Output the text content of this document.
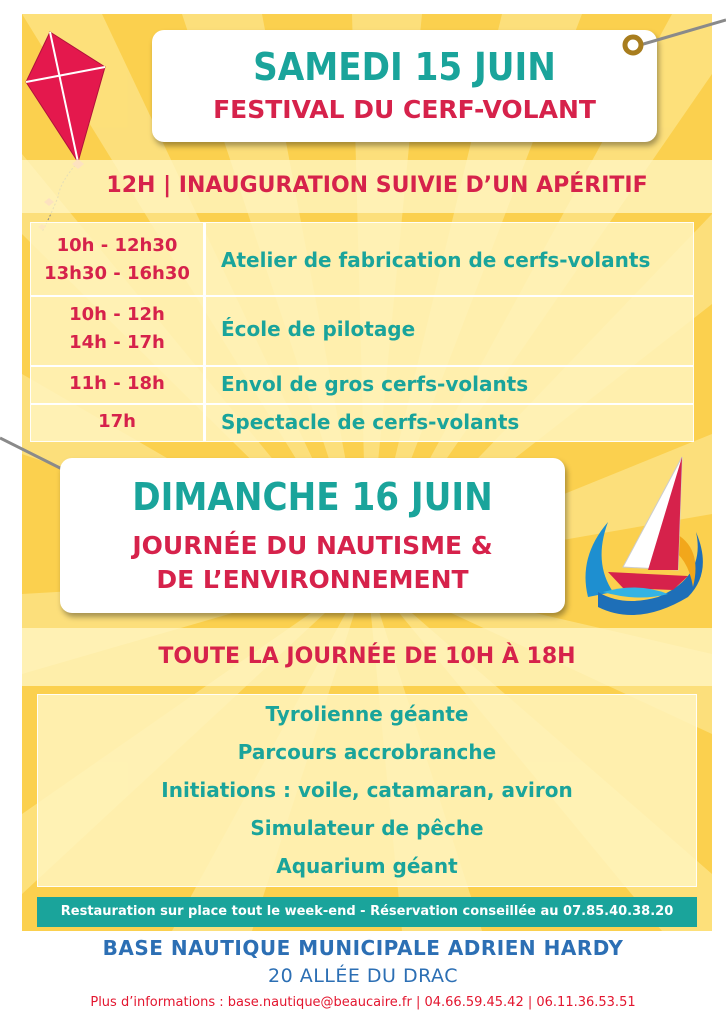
SAMEDI 15 JUIN
FESTIVAL DU CERF-VOLANT
12H | INAUGURATION SUIVIE D’UN APÉRITIF
10h - 12h30
13h30 - 16h30
Atelier de fabrication de cerfs-volants
10h - 12h
14h - 17h
École de pilotage
11h - 18h	Envol de gros cerfs-volants
17h	Spectacle de cerfs-volants
DIMANCHE 16 JUIN
JOURNÉE DU NAUTISME &
DE L’ENVIRONNEMENT
TOUTE LA JOURNÉE DE 10H À 18H
Tyrolienne géante
Parcours accrobranche
Initiations : voile, catamaran, aviron
Simulateur de pêche
Aquarium géant
Restauration sur place tout le week-end - Réservation conseillée au 07.85.40.38.20
BASE NAUTIQUE MUNICIPALE ADRIEN HARDY
20 ALLÉE DU DRAC
Plus d’informations : base.nautique@beaucaire.fr | 04.66.59.45.42 | 06.11.36.53.51
